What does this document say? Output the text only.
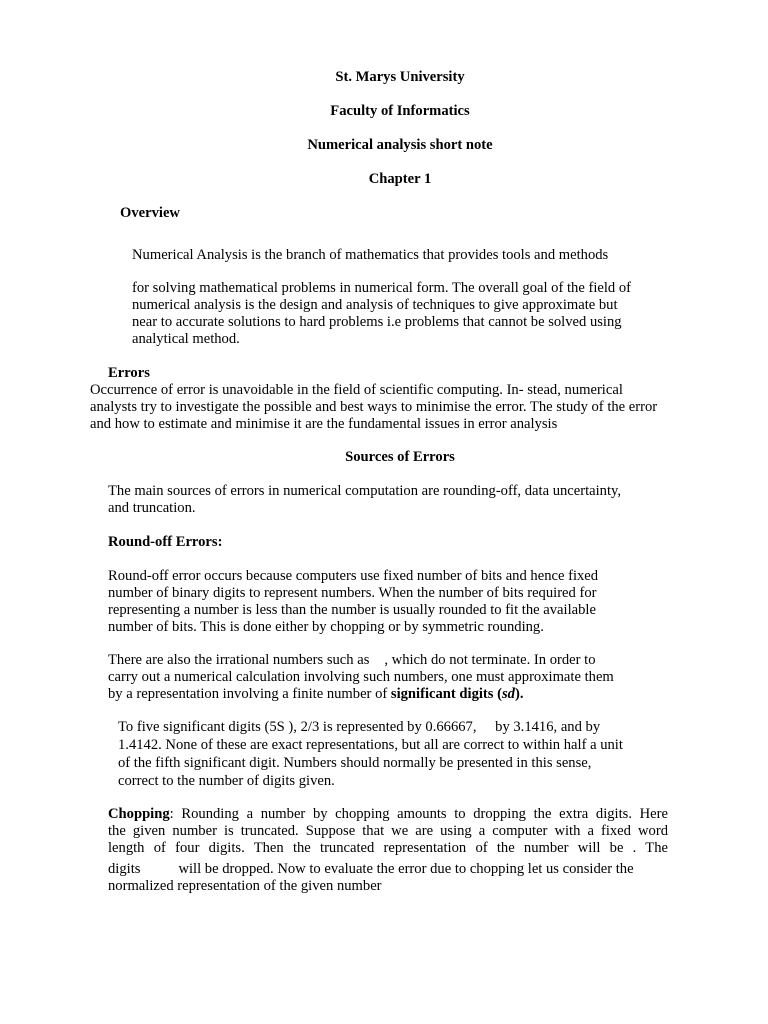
St. Marys University
Faculty of Informatics
Numerical analysis short note
Chapter 1
Overview
Numerical Analysis is the branch of mathematics that provides tools and methods
for solving mathematical problems in numerical form. The overall goal of the field of
numerical analysis is the design and analysis of techniques to give approximate but
near to accurate solutions to hard problems i.e problems that cannot be solved using
analytical method.
Errors
Occurrence of error is unavoidable in the field of scientific computing. In- stead, numerical
analysts try to investigate the possible and best ways to minimise the error. The study of the error
and how to estimate and minimise it are the fundamental issues in error analysis
Sources of Errors
The main sources of errors in numerical computation are rounding-off, data uncertainty,
and truncation.
Round-off Errors:
Round-off error occurs because computers use fixed number of bits and hence fixed
number of binary digits to represent numbers. When the number of bits required for
representing a number is less than the number is usually rounded to fit the available
number of bits. This is done either by chopping or by symmetric rounding.
There are also the irrational numbers such as , which do not terminate. In order to
carry out a numerical calculation involving such numbers, one must approximate them
by a representation involving a finite number of significant digits (sd).
To five significant digits (5S ), 2/3 is represented by 0.66667, by 3.1416, and by
1.4142. None of these are exact representations, but all are correct to within half a unit
of the fifth significant digit. Numbers should normally be presented in this sense,
correct to the number of digits given.
Chopping: Rounding a number by chopping amounts to dropping the extra digits. Here
the given number is truncated. Suppose that we are using a computer with a fixed word
length of four digits. Then the truncated representation of the number will be . The
digits	will be dropped. Now to evaluate the error due to chopping let us consider the
normalized representation of the given number
